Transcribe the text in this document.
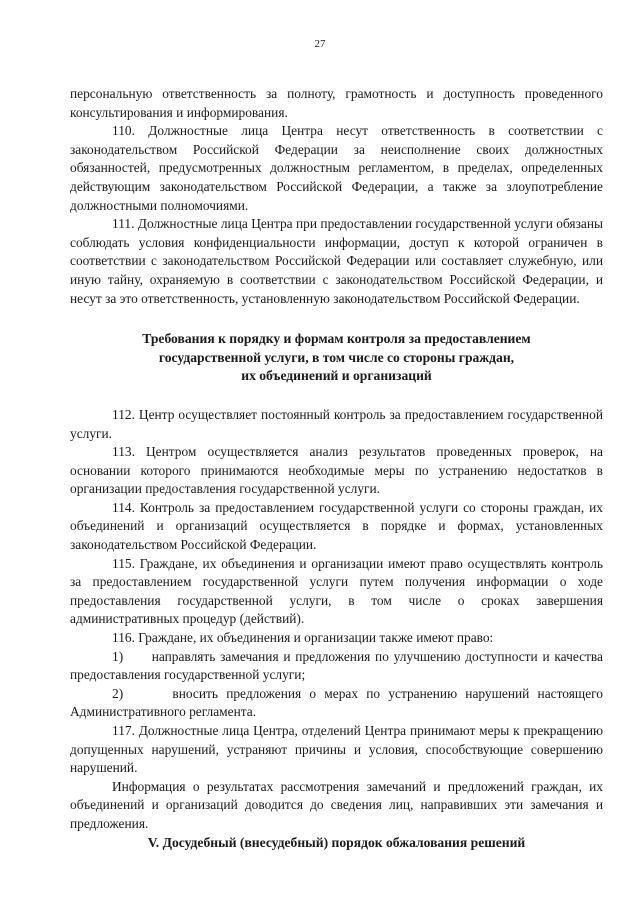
27

персональную ответственность за полноту, грамотность и доступность проведенного консультирования и информирования.

110. Должностные лица Центра несут ответственность в соответствии с законодательством Российской Федерации за неисполнение своих должностных обязанностей, предусмотренных должностным регламентом, в пределах, определенных действующим законодательством Российской Федерации, а также за злоупотребление должностными полномочиями.

111. Должностные лица Центра при предоставлении государственной услуги обязаны соблюдать условия конфиденциальности информации, доступ к которой ограничен в соответствии с законодательством Российской Федерации или составляет служебную, или иную тайну, охраняемую в соответствии с законодательством Российской Федерации, и несут за это ответственность, установленную законодательством Российской Федерации.

Требования к порядку и формам контроля за предоставлением

государственной услуги, в том числе со стороны граждан,

их объединений и организаций

112. Центр осуществляет постоянный контроль за предоставлением государственной услуги.

113. Центром осуществляется анализ результатов проведенных проверок, на основании которого принимаются необходимые меры по устранению недостатков в организации предоставления государственной услуги.

114. Контроль за предоставлением государственной услуги со стороны граждан, их объединений и организаций осуществляется в порядке и формах, установленных законодательством Российской Федерации.

115. Граждане, их объединения и организации имеют право осуществлять контроль за предоставлением государственной услуги путем получения информации о ходе предоставления государственной услуги, в том числе о сроках завершения административных процедур (действий).

116. Граждане, их объединения и организации также имеют право:

1) направлять замечания и предложения по улучшению доступности и качества предоставления государственной услуги;

2)	вносить предложения о мерах по устранению нарушений настоящего Административного регламента.

117. Должностные лица Центра, отделений Центра принимают меры к прекращению допущенных нарушений, устраняют причины и условия, способствующие совершению нарушений.

Информация о результатах рассмотрения замечаний и предложений граждан, их объединений и организаций доводится до сведения лиц, направивших эти замечания и предложения.

V. Досудебный (внесудебный) порядок обжалования решений
